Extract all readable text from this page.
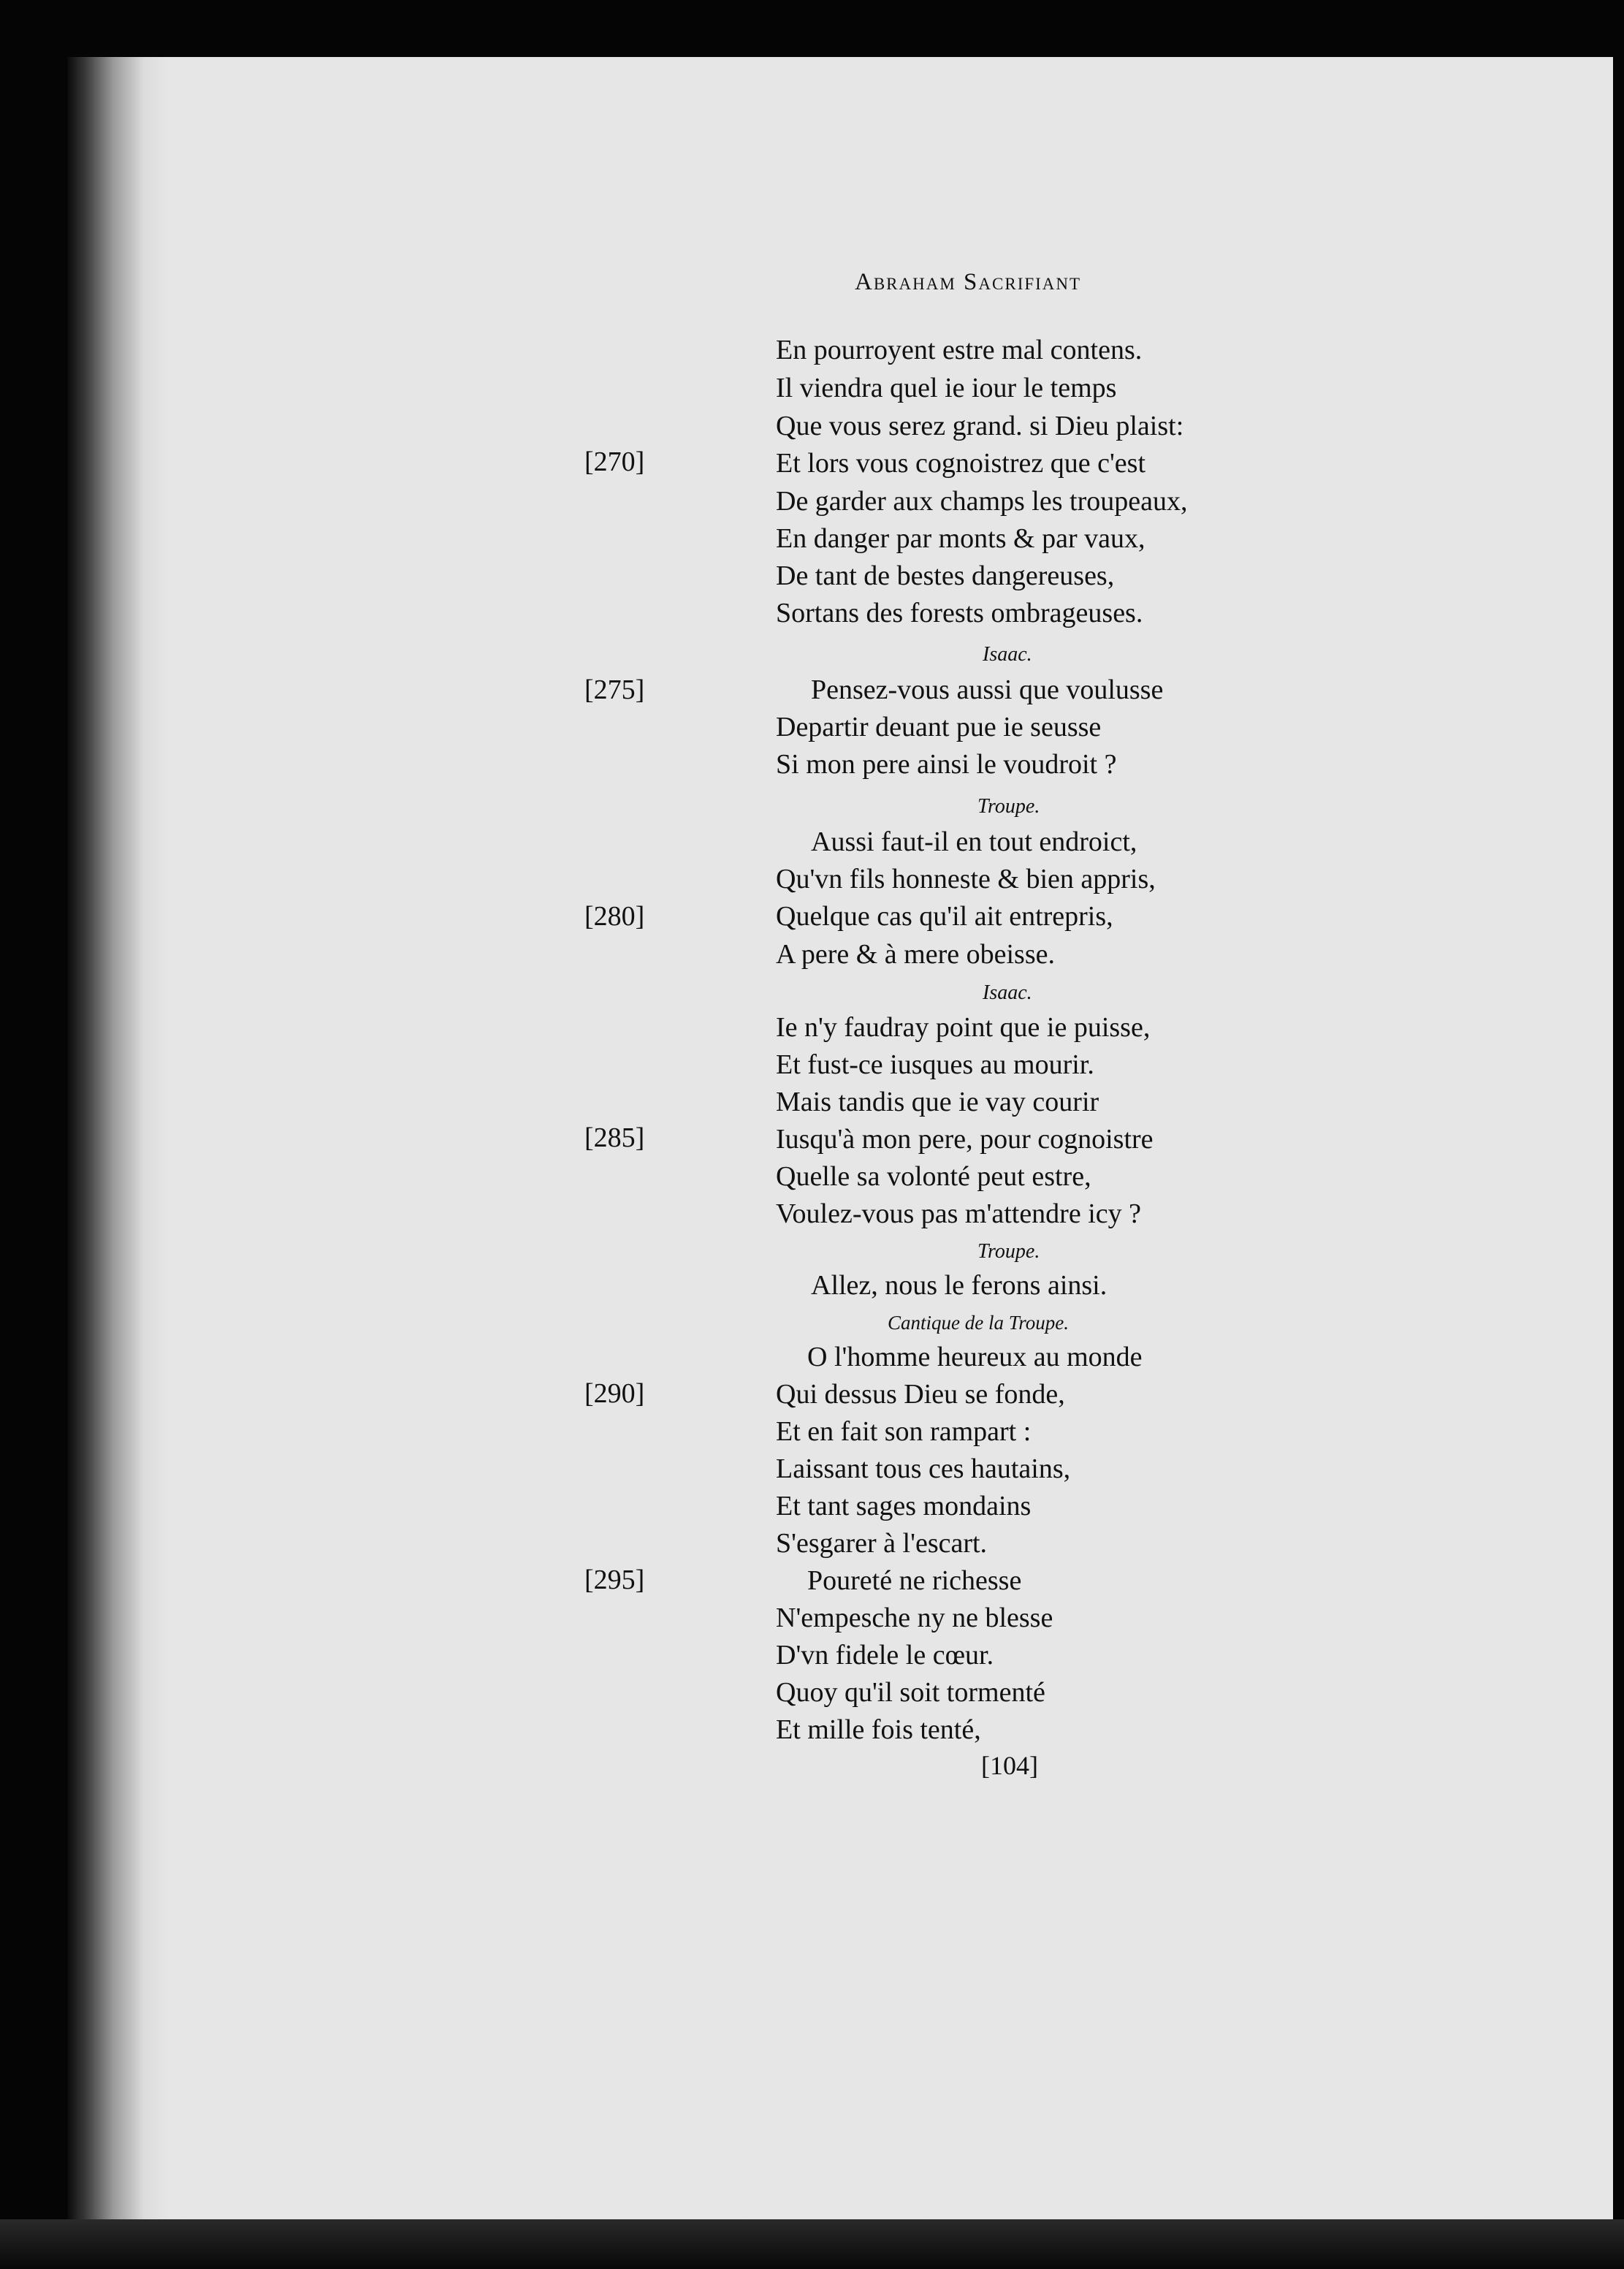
Abraham Sacrifiant
[270]
[275]
[280]
[285]
[290]
[295]
En pourroyent estre mal contens.
Il viendra quel ie iour le temps
Que vous serez grand. si Dieu plaist:
Et lors vous cognoistrez que c'est
De garder aux champs les troupeaux,
En danger par monts & par vaux,
De tant de bestes dangereuses,
Sortans des forests ombrageuses.
Isaac.
Pensez-vous aussi que voulusse
Departir deuant pue ie seusse
Si mon pere ainsi le voudroit ?
Troupe.
Aussi faut-il en tout endroict,
Qu'vn fils honneste & bien appris,
Quelque cas qu'il ait entrepris,
A pere & à mere obeisse.
Isaac.
Ie n'y faudray point que ie puisse,
Et fust-ce iusques au mourir.
Mais tandis que ie vay courir
Iusqu'à mon pere, pour cognoistre
Quelle sa volonté peut estre,
Voulez-vous pas m'attendre icy ?
Troupe.
Allez, nous le ferons ainsi.
Cantique de la Troupe.
O l'homme heureux au monde
Qui dessus Dieu se fonde,
Et en fait son rampart :
Laissant tous ces hautains,
Et tant sages mondains
S'esgarer à l'escart.
Poureté ne richesse
N'empesche ny ne blesse
D'vn fidele le cœur.
Quoy qu'il soit tormenté
Et mille fois tenté,
[104]
